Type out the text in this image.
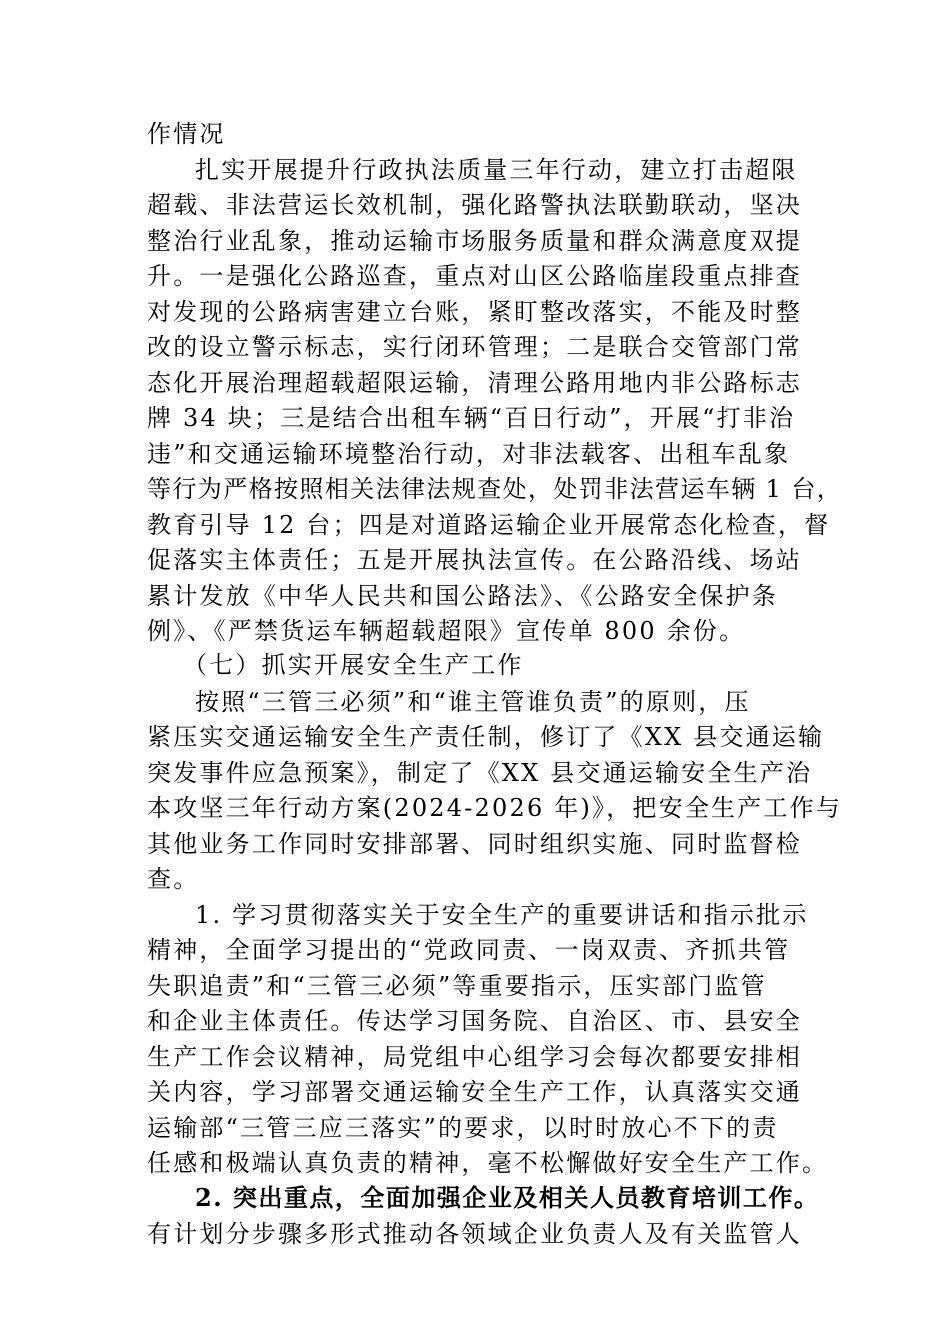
作情况
扎实开展提升行政执法质量三年行动，建立打击超限
超载、非法营运长效机制，强化路警执法联勤联动，坚决
整治行业乱象，推动运输市场服务质量和群众满意度双提
升。一是强化公路巡查，重点对山区公路临崖段重点排查
对发现的公路病害建立台账，紧盯整改落实，不能及时整
改的设立警示标志，实行闭环管理；二是联合交管部门常
态化开展治理超载超限运输，清理公路用地内非公路标志
牌 34 块；三是结合出租车辆“百日行动”，开展“打非治
违”和交通运输环境整治行动，对非法载客、出租车乱象
等行为严格按照相关法律法规查处，处罚非法营运车辆 1 台，
教育引导 12 台；四是对道路运输企业开展常态化检查，督
促落实主体责任；五是开展执法宣传。在公路沿线、场站
累计发放《中华人民共和国公路法》、《公路安全保护条
例》、《严禁货运车辆超载超限》宣传单 800 余份。
（七）抓实开展安全生产工作
按照“三管三必须”和“谁主管谁负责”的原则，压
紧压实交通运输安全生产责任制，修订了《XX 县交通运输
突发事件应急预案》，制定了《XX 县交通运输安全生产治
本攻坚三年行动方案(2024-2026 年)》，把安全生产工作与
其他业务工作同时安排部署、同时组织实施、同时监督检
查。
1. 学习贯彻落实关于安全生产的重要讲话和指示批示
精神，全面学习提出的“党政同责、一岗双责、齐抓共管
失职追责”和“三管三必须”等重要指示，压实部门监管
和企业主体责任。传达学习国务院、自治区、市、县安全
生产工作会议精神，局党组中心组学习会每次都要安排相
关内容，学习部署交通运输安全生产工作，认真落实交通
运输部“三管三应三落实”的要求，以时时放心不下的责
任感和极端认真负责的精神，毫不松懈做好安全生产工作。
2. 突出重点，全面加强企业及相关人员教育培训工作。
有计划分步骤多形式推动各领域企业负责人及有关监管人
